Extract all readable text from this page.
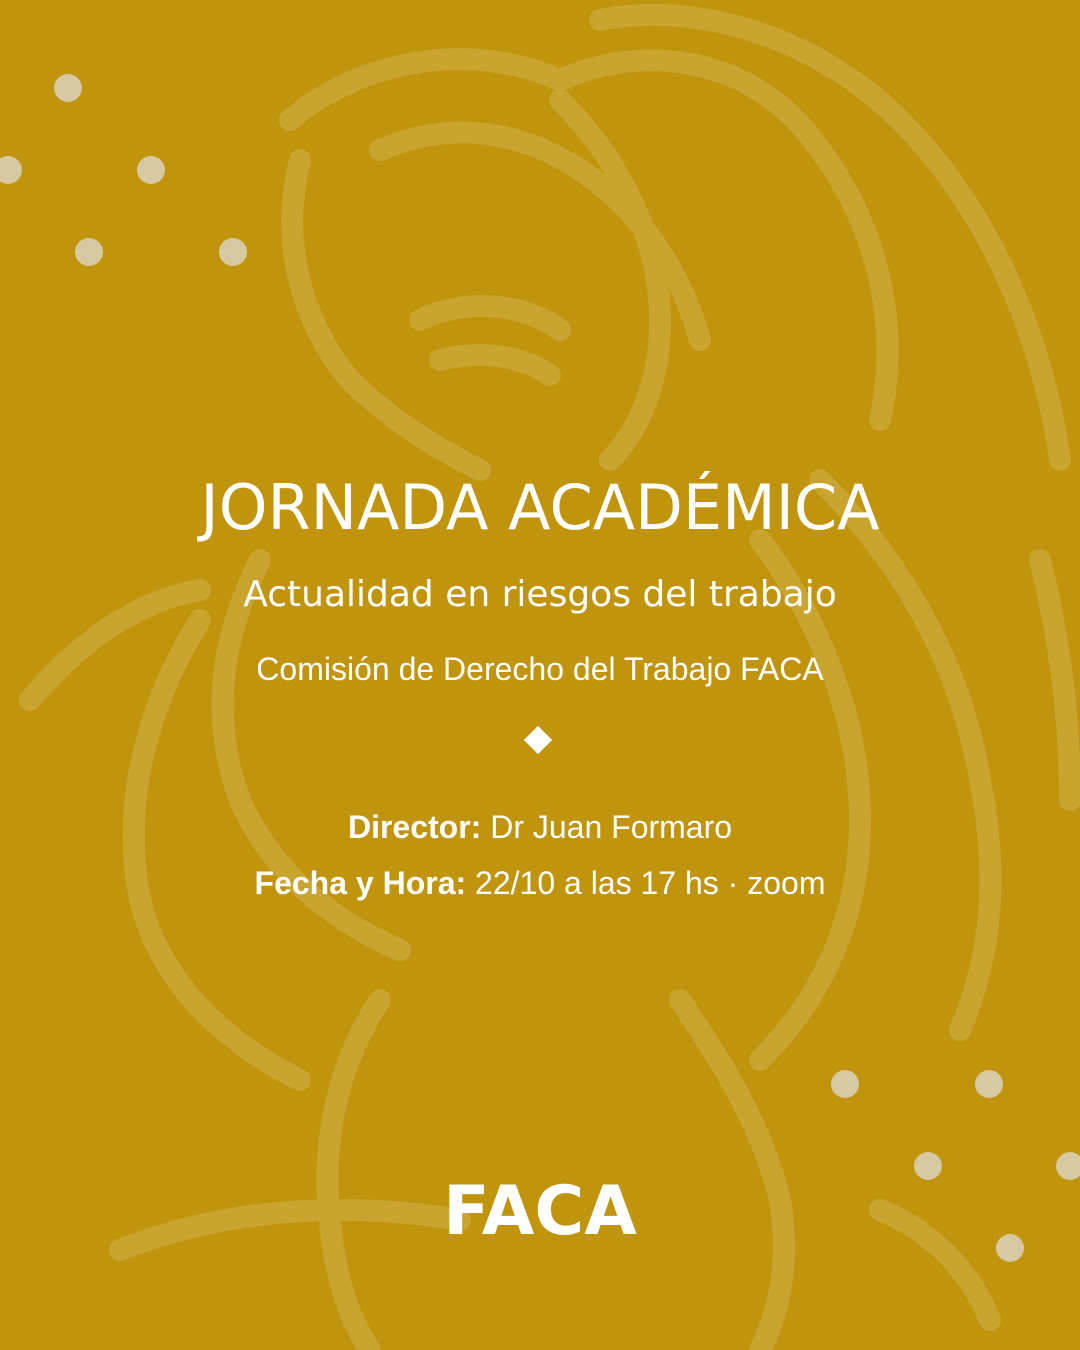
JORNADA ACADÉMICA
Actualidad en riesgos del trabajo
Comisión de Derecho del Trabajo FACA
Director: Dr Juan Formaro
Fecha y Hora: 22/10 a las 17 hs · zoom
FACA
